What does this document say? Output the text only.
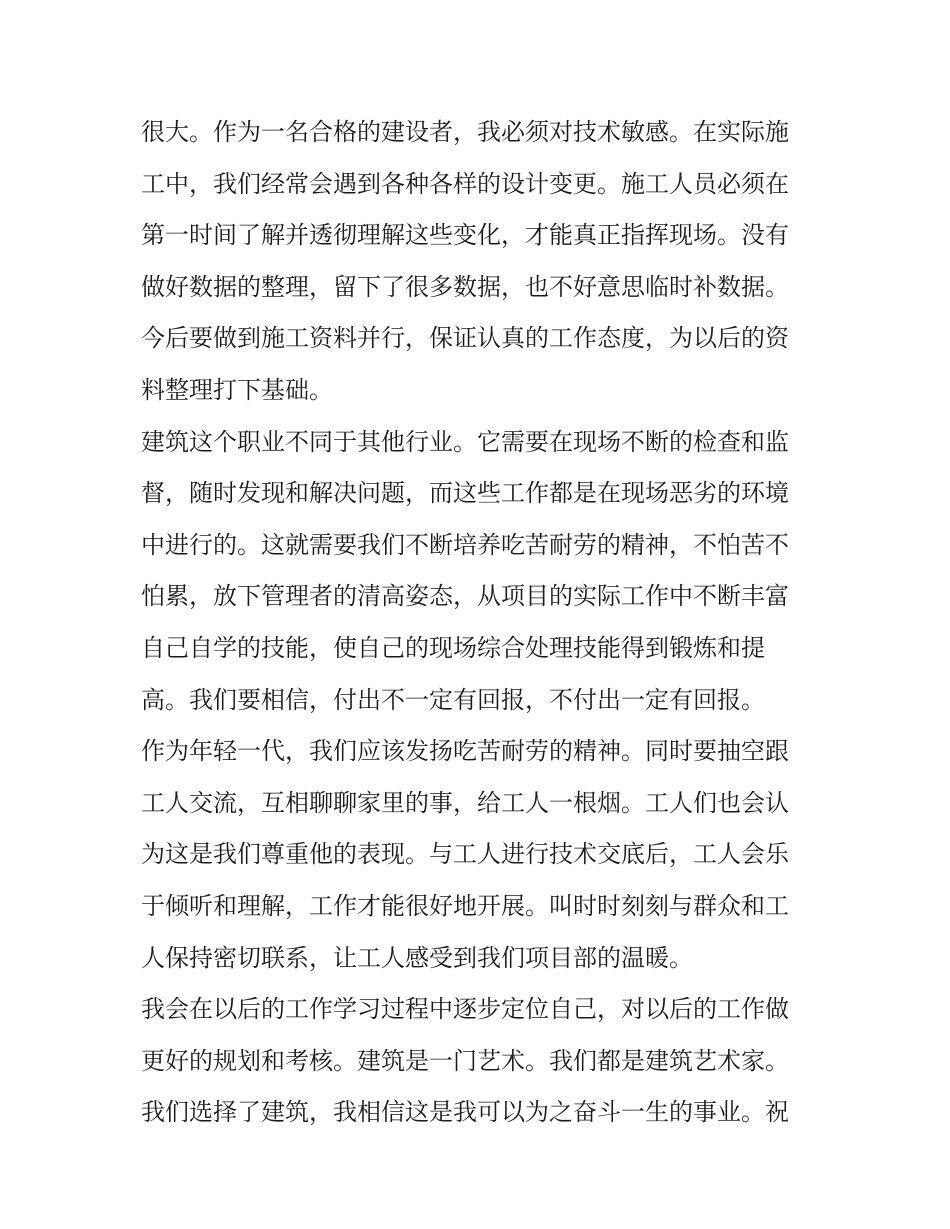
很大。作为一名合格的建设者，我必须对技术敏感。在实际施
工中，我们经常会遇到各种各样的设计变更。施工人员必须在
第一时间了解并透彻理解这些变化，才能真正指挥现场。没有
做好数据的整理，留下了很多数据，也不好意思临时补数据。
今后要做到施工资料并行，保证认真的工作态度，为以后的资
料整理打下基础。
建筑这个职业不同于其他行业。它需要在现场不断的检查和监
督，随时发现和解决问题，而这些工作都是在现场恶劣的环境
中进行的。这就需要我们不断培养吃苦耐劳的精神，不怕苦不
怕累，放下管理者的清高姿态，从项目的实际工作中不断丰富
自己自学的技能，使自己的现场综合处理技能得到锻炼和提
高。我们要相信，付出不一定有回报，不付出一定有回报。
作为年轻一代，我们应该发扬吃苦耐劳的精神。同时要抽空跟
工人交流，互相聊聊家里的事，给工人一根烟。工人们也会认
为这是我们尊重他的表现。与工人进行技术交底后，工人会乐
于倾听和理解，工作才能很好地开展。叫时时刻刻与群众和工
人保持密切联系，让工人感受到我们项目部的温暖。
我会在以后的工作学习过程中逐步定位自己，对以后的工作做
更好的规划和考核。建筑是一门艺术。我们都是建筑艺术家。
我们选择了建筑，我相信这是我可以为之奋斗一生的事业。祝
